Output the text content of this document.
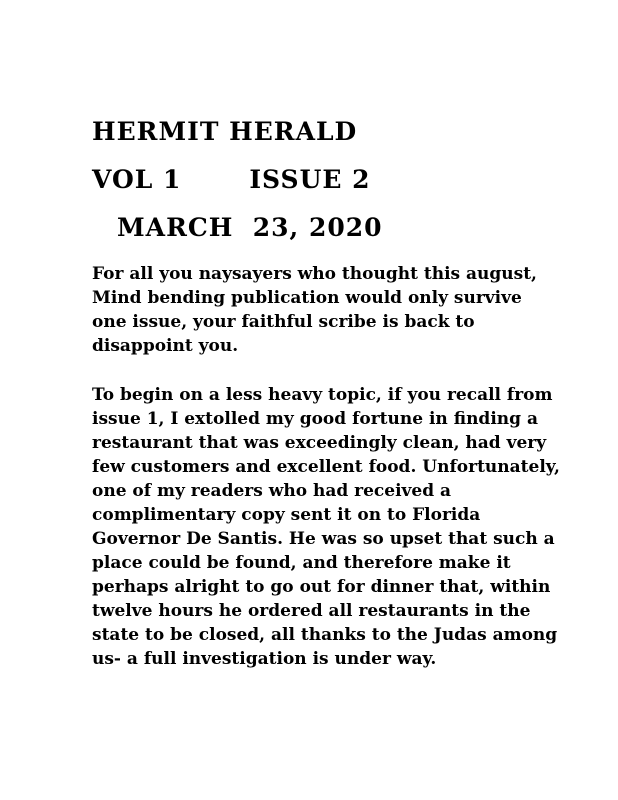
HERMIT HERALD
VOL 1       ISSUE 2
MARCH  23, 2020

For all you naysayers who thought this august, Mind bending publication would only survive one issue, your faithful scribe is back to disappoint you.

To begin on a less heavy topic, if you recall from issue 1, I extolled my good fortune in finding a restaurant that was exceedingly clean, had very few customers and excellent food. Unfortunately, one of my readers who had received a complimentary copy sent it on to Florida Governor De Santis. He was so upset that such a place could be found, and therefore make it perhaps alright to go out for dinner that, within twelve hours he ordered all restaurants in the state to be closed, all thanks to the Judas among us- a full investigation is under way.
